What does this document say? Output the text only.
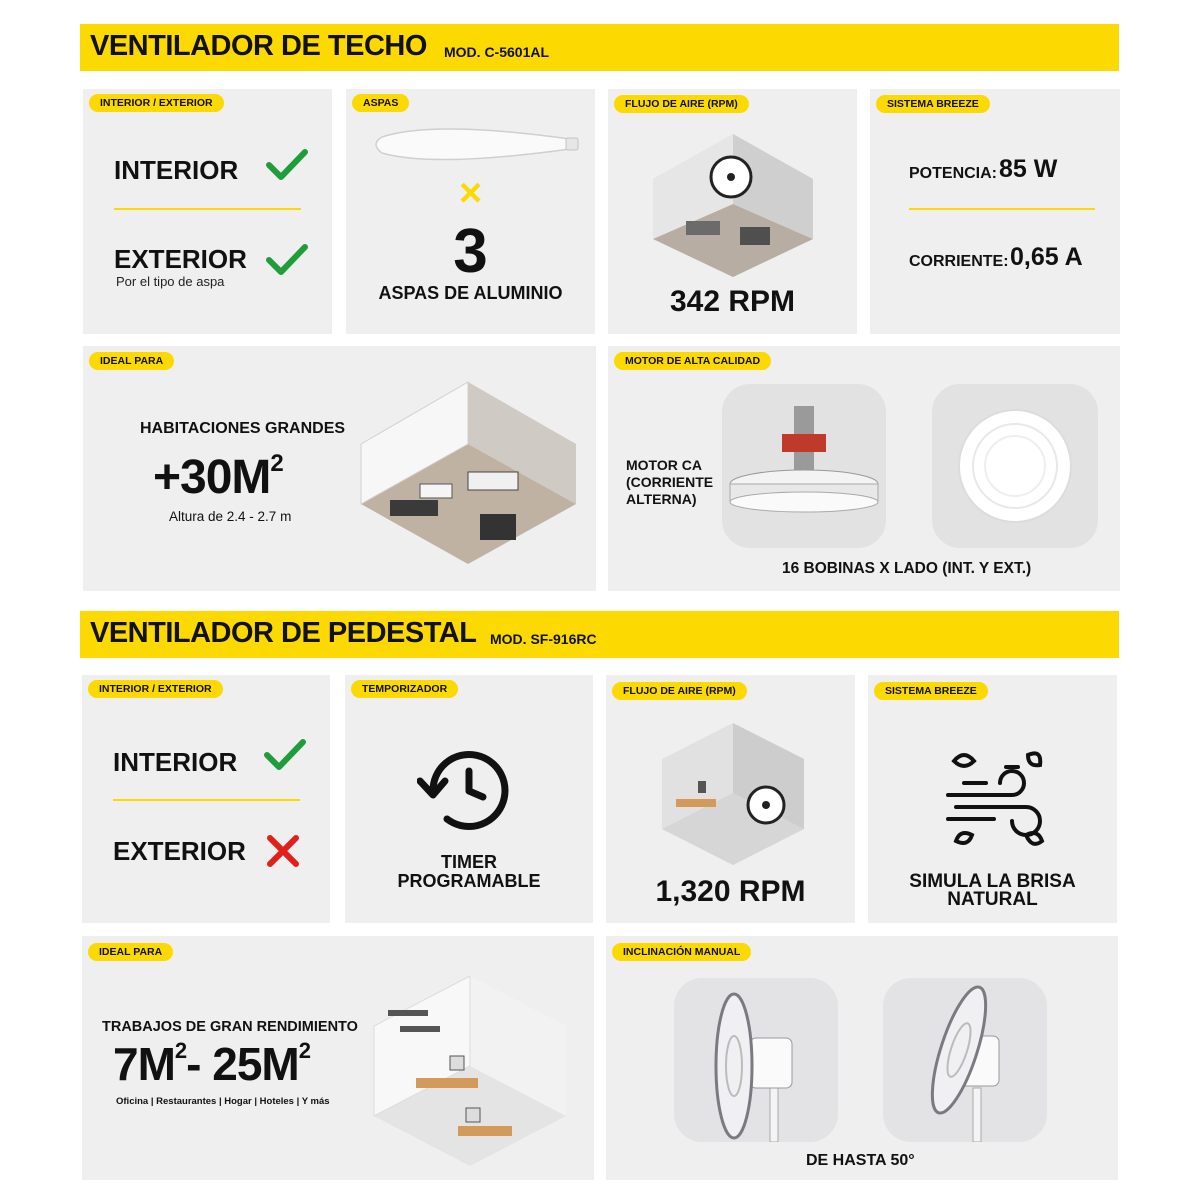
VENTILADOR DE TECHO MOD. C-5601AL
INTERIOR / EXTERIOR
INTERIOR
EXTERIOR
Por el tipo de aspa
ASPAS
×
3
ASPAS DE ALUMINIO
FLUJO DE AIRE (RPM)
342 RPM
SISTEMA BREEZE
POTENCIA: 85 W
CORRIENTE: 0,65 A
IDEAL PARA
HABITACIONES GRANDES
$+30M^2$
Altura de 2.4 - 2.7 m
MOTOR DE ALTA CALIDAD
MOTOR CA
(CORRIENTE
ALTERNA)
16 BOBINAS X LADO (INT. Y EXT.)
VENTILADOR DE PEDESTAL MOD. SF-916RC
INTERIOR / EXTERIOR
INTERIOR
EXTERIOR
TEMPORIZADOR
TIMER
PROGRAMABLE
FLUJO DE AIRE (RPM)
1,320 RPM
SISTEMA BREEZE
SIMULA LA BRISA
NATURAL
IDEAL PARA
TRABAJOS DE GRAN RENDIMIENTO
$7M^2-$ $25M^2$
Oficina | Restaurantes | Hogar | Hoteles | Y más
INCLINACIÓN MANUAL
DE HASTA 50°
